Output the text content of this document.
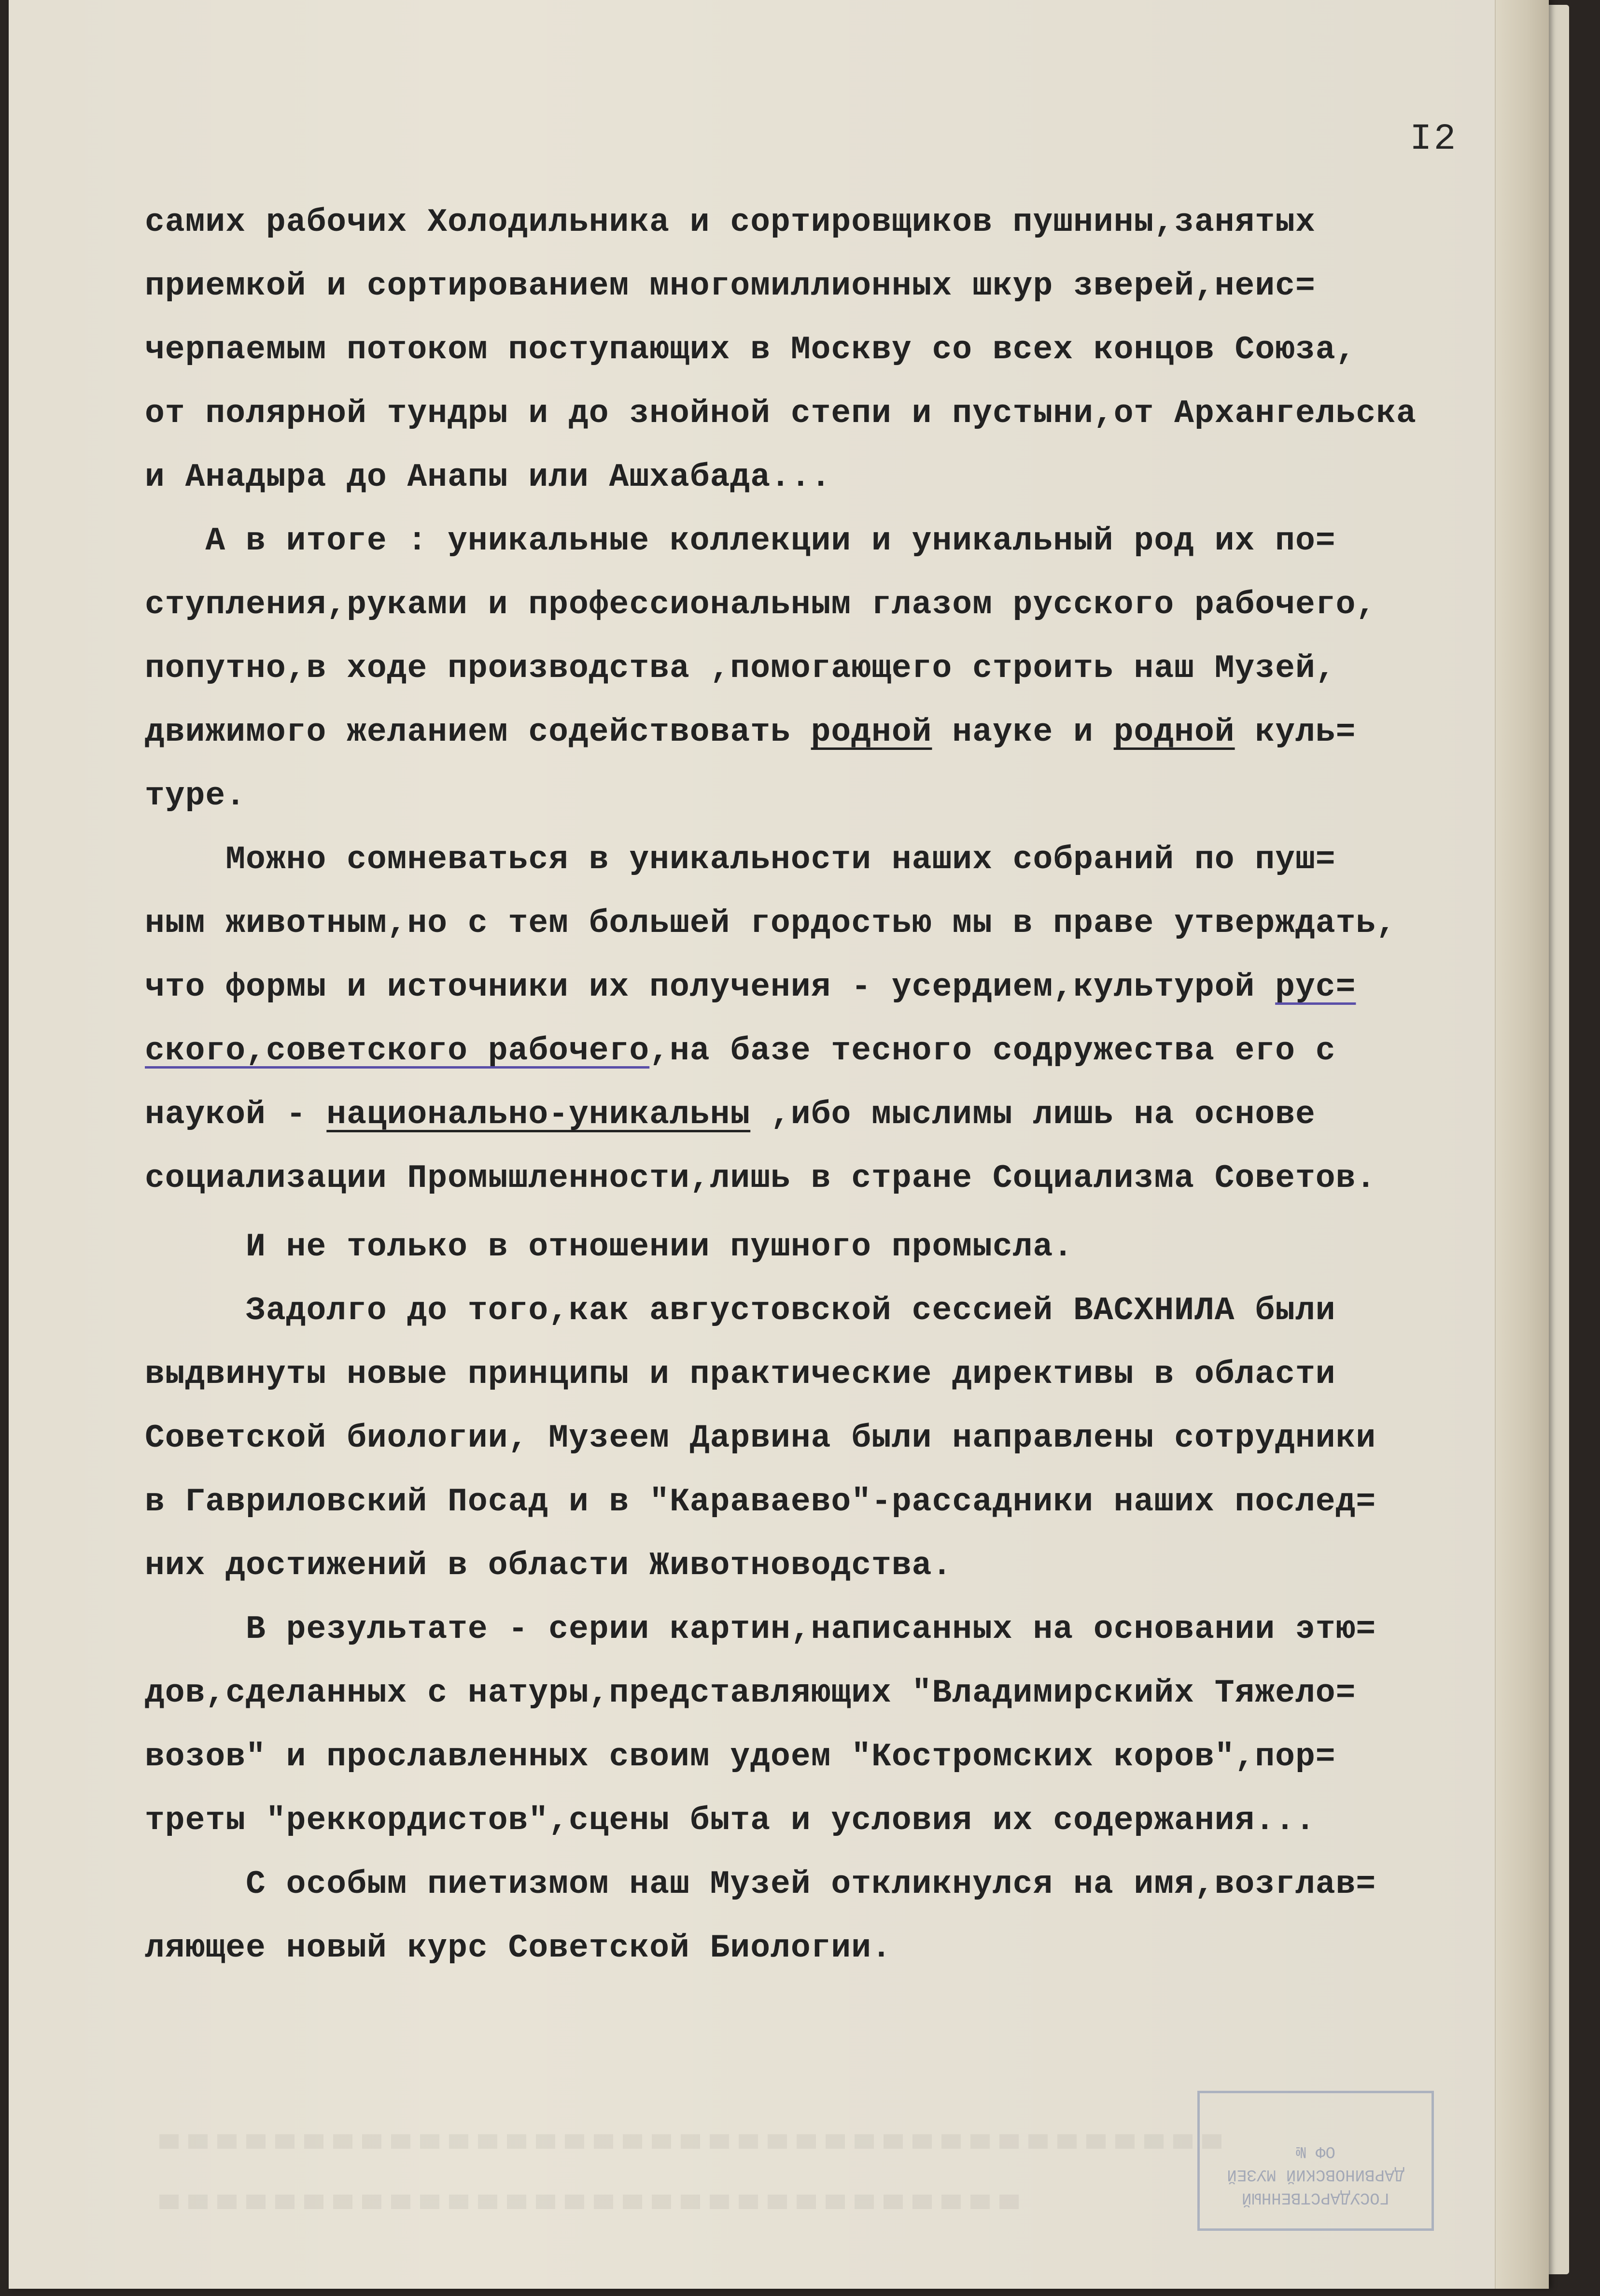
I2
самих рабочих Холодильника и сортировщиков пушнины,занятых
приемкой и сортированием многомиллионных шкур зверей,неис=
черпаемым потоком поступающих в Москву со всех концов Союза,
от полярной тундры и до знойной степи и пустыни,от Архангельска
и Анадыра до Анапы или Ашхабада...
А в итоге : уникальные коллекции и уникальный род их по=
ступления,руками и профессиональным глазом русского рабочего,
попутно,в ходе производства ,помогающего строить наш Музей,
движимого желанием содействовать родной науке и родной куль=
туре.
Можно сомневаться в уникальности наших собраний по пуш=
ным животным,но с тем большей гордостью мы в праве утверждать,
что формы и источники их получения - усердием,культурой рус=
ского,советского рабочего,на базе тесного содружества его с
наукой - национально-уникальны ,ибо мыслимы лишь на основе
социализации Промышленности,лишь в стране Социализма Советов.
И не только в отношении пушного промысла.
Задолго до того,как августовской сессией ВАСХНИЛА были
выдвинуты новые принципы и практические директивы в области
Советской биологии, Музеем Дарвина были направлены сотрудники
в Гавриловский Посад и в "Караваево"-рассадники наших послед=
них достижений в области Животноводства.
В результате - серии картин,написанных на основании этю=
дов,сделанных с натуры,представляющих "Владимирскийх Тяжело=
возов" и прославленных своим удоем "Костромских коров",пор=
треты "реккордистов",сцены быта и условия их содержания...
С особым пиетизмом наш Музей откликнулся на имя,возглав=
ляющее новый курс Советской Биологии.
ГОСУДАРСТВЕННЫЙ
ДАРВИНОВСКИЙ МУЗЕЙ
ОФ №
